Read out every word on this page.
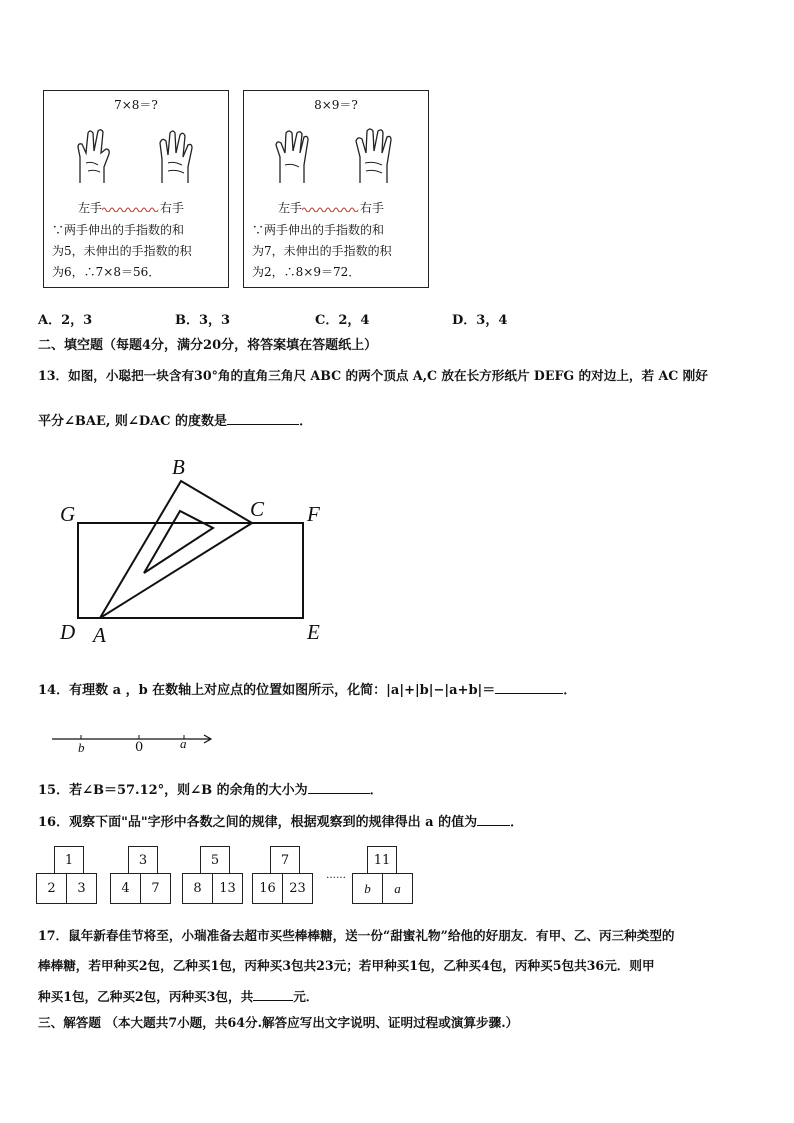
7×8＝?
左手	右手
∵两手伸出的手指数的和
为5，未伸出的手指数的积
为6，∴7×8＝56．
8×9＝?
左手	右手
∵两手伸出的手指数的和
为7，未伸出的手指数的积
为2，∴8×9＝72．
A．2，3	B．3，3	C．2，4	D．3，4
二、填空题（每题4分，满分20分，将答案填在答题纸上）
13．如图，小聪把一块含有30°角的直角三角尺 ABC 的两个顶点 A,C 放在长方形纸片 DEFG 的对边上，若 AC 刚好
平分∠BAE, 则∠DAC 的度数是	．
B
C
G	F
D A	E
14．有理数 a ，b 在数轴上对应点的位置如图所示，化简：|a|+|b|−|a+b|＝	．
b	0	a
15．若∠B＝57.12°，则∠B 的余角的大小为	．
16．观察下面"品"字形中各数之间的规律，根据观察到的规律得出 a 的值为	．
1
2	3
3
4	7
5
8	13
7
16	23
……
11
b	a
17．鼠年新春佳节将至，小瑞准备去超市买些棒棒糖，送一份“甜蜜礼物”给他的好朋友．有甲、乙、丙三种类型的
棒棒糖，若甲种买2包，乙种买1包，丙种买3包共23元；若甲种买1包，乙种买4包，丙种买5包共36元．则甲
种买1包，乙种买2包，丙种买3包，共	元．
三、解答题 （本大题共7小题，共64分.解答应写出文字说明、证明过程或演算步骤.）
